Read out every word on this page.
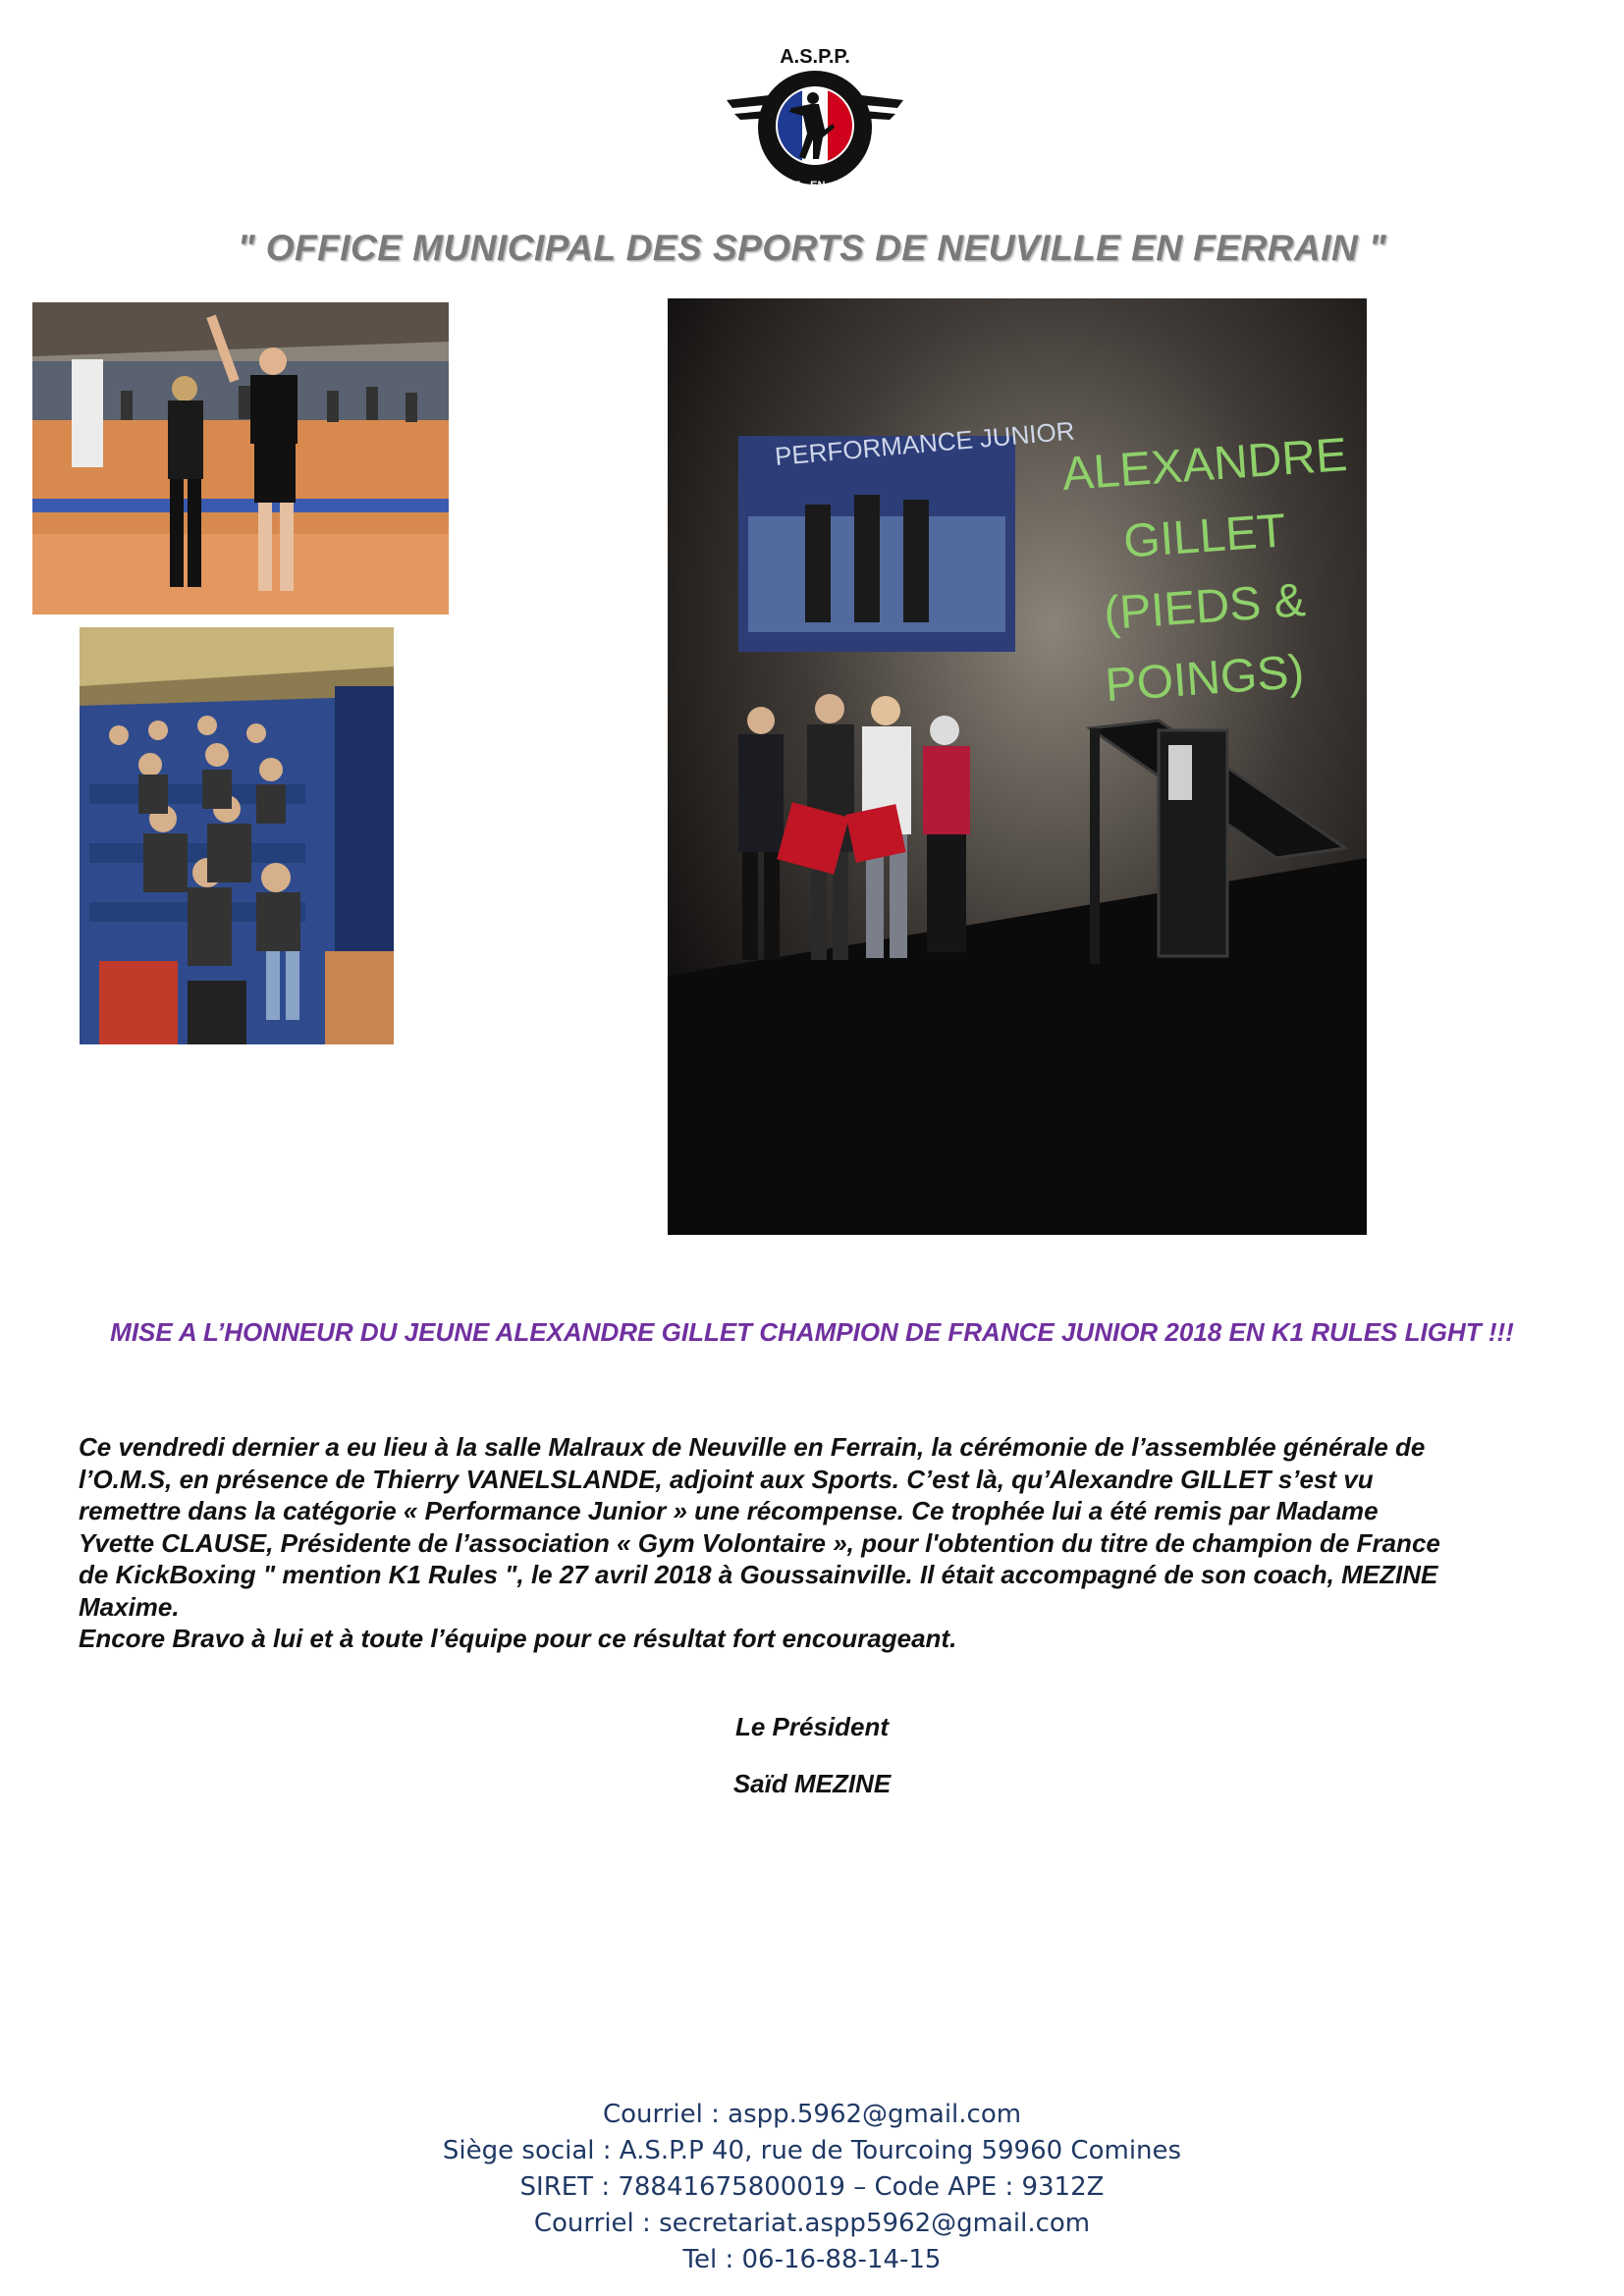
A.S.P.P.
NEUVILLE - EN - FERRAIN
" OFFICE MUNICIPAL DES SPORTS DE NEUVILLE EN FERRAIN "
PERFORMANCE JUNIOR
ALEXANDRE
GILLET
(PIEDS &
POINGS)
MISE A L’HONNEUR DU JEUNE ALEXANDRE GILLET CHAMPION DE FRANCE JUNIOR 2018 EN K1 RULES LIGHT !!!

Ce vendredi dernier a eu lieu à la salle Malraux de Neuville en Ferrain, la cérémonie de l’assemblée générale de

l’O.M.S, en présence de Thierry VANELSLANDE, adjoint aux Sports. C’est là, qu’Alexandre GILLET s’est vu

remettre dans la catégorie « Performance Junior » une récompense. Ce trophée lui a été remis par Madame

Yvette CLAUSE, Présidente de l’association « Gym Volontaire », pour l'obtention du titre de champion de France

de KickBoxing " mention K1 Rules ", le 27 avril 2018 à Goussainville. Il était accompagné de son coach, MEZINE

Maxime.

Encore Bravo à lui et à toute l’équipe pour ce résultat fort encourageant.

Le Président
Saïd MEZINE
Courriel : aspp.5962@gmail.com
Siège social : A.S.P.P 40, rue de Tourcoing 59960 Comines
SIRET : 78841675800019 – Code APE : 9312Z
Courriel : secretariat.aspp5962@gmail.com
Tel : 06-16-88-14-15
